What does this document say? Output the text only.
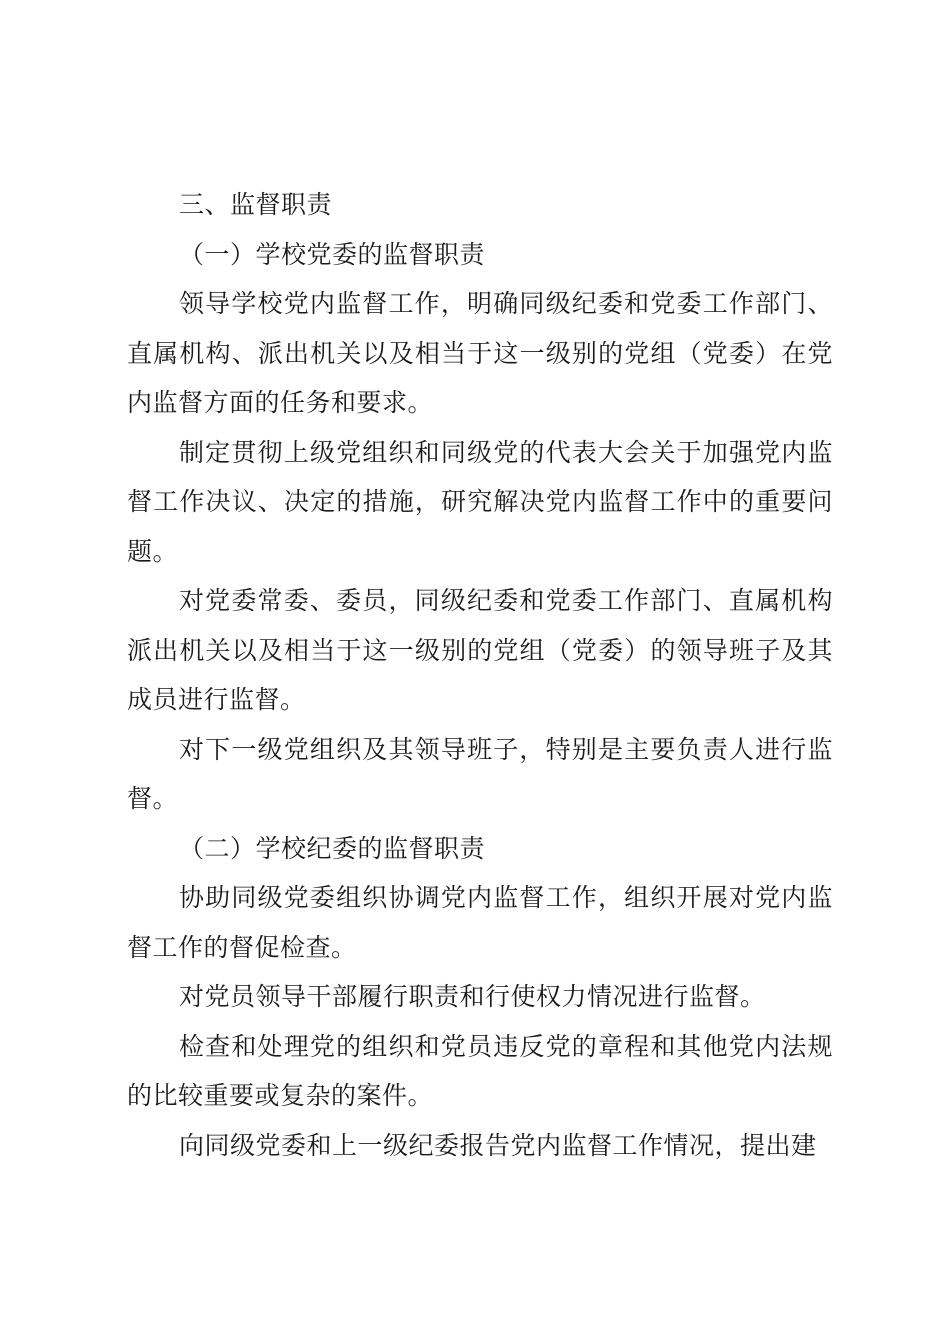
三、监督职责

（一）学校党委的监督职责

领导学校党内监督工作，明确同级纪委和党委工作部门、直属机构、派出机关以及相当于这一级别的党组（党委）在党内监督方面的任务和要求。

制定贯彻上级党组织和同级党的代表大会关于加强党内监督工作决议、决定的措施，研究解决党内监督工作中的重要问题。

对党委常委、委员，同级纪委和党委工作部门、直属机构派出机关以及相当于这一级别的党组（党委）的领导班子及其成员进行监督。

对下一级党组织及其领导班子，特别是主要负责人进行监督。

（二）学校纪委的监督职责

协助同级党委组织协调党内监督工作，组织开展对党内监督工作的督促检查。

对党员领导干部履行职责和行使权力情况进行监督。

检查和处理党的组织和党员违反党的章程和其他党内法规的比较重要或复杂的案件。

向同级党委和上一级纪委报告党内监督工作情况，提出建
